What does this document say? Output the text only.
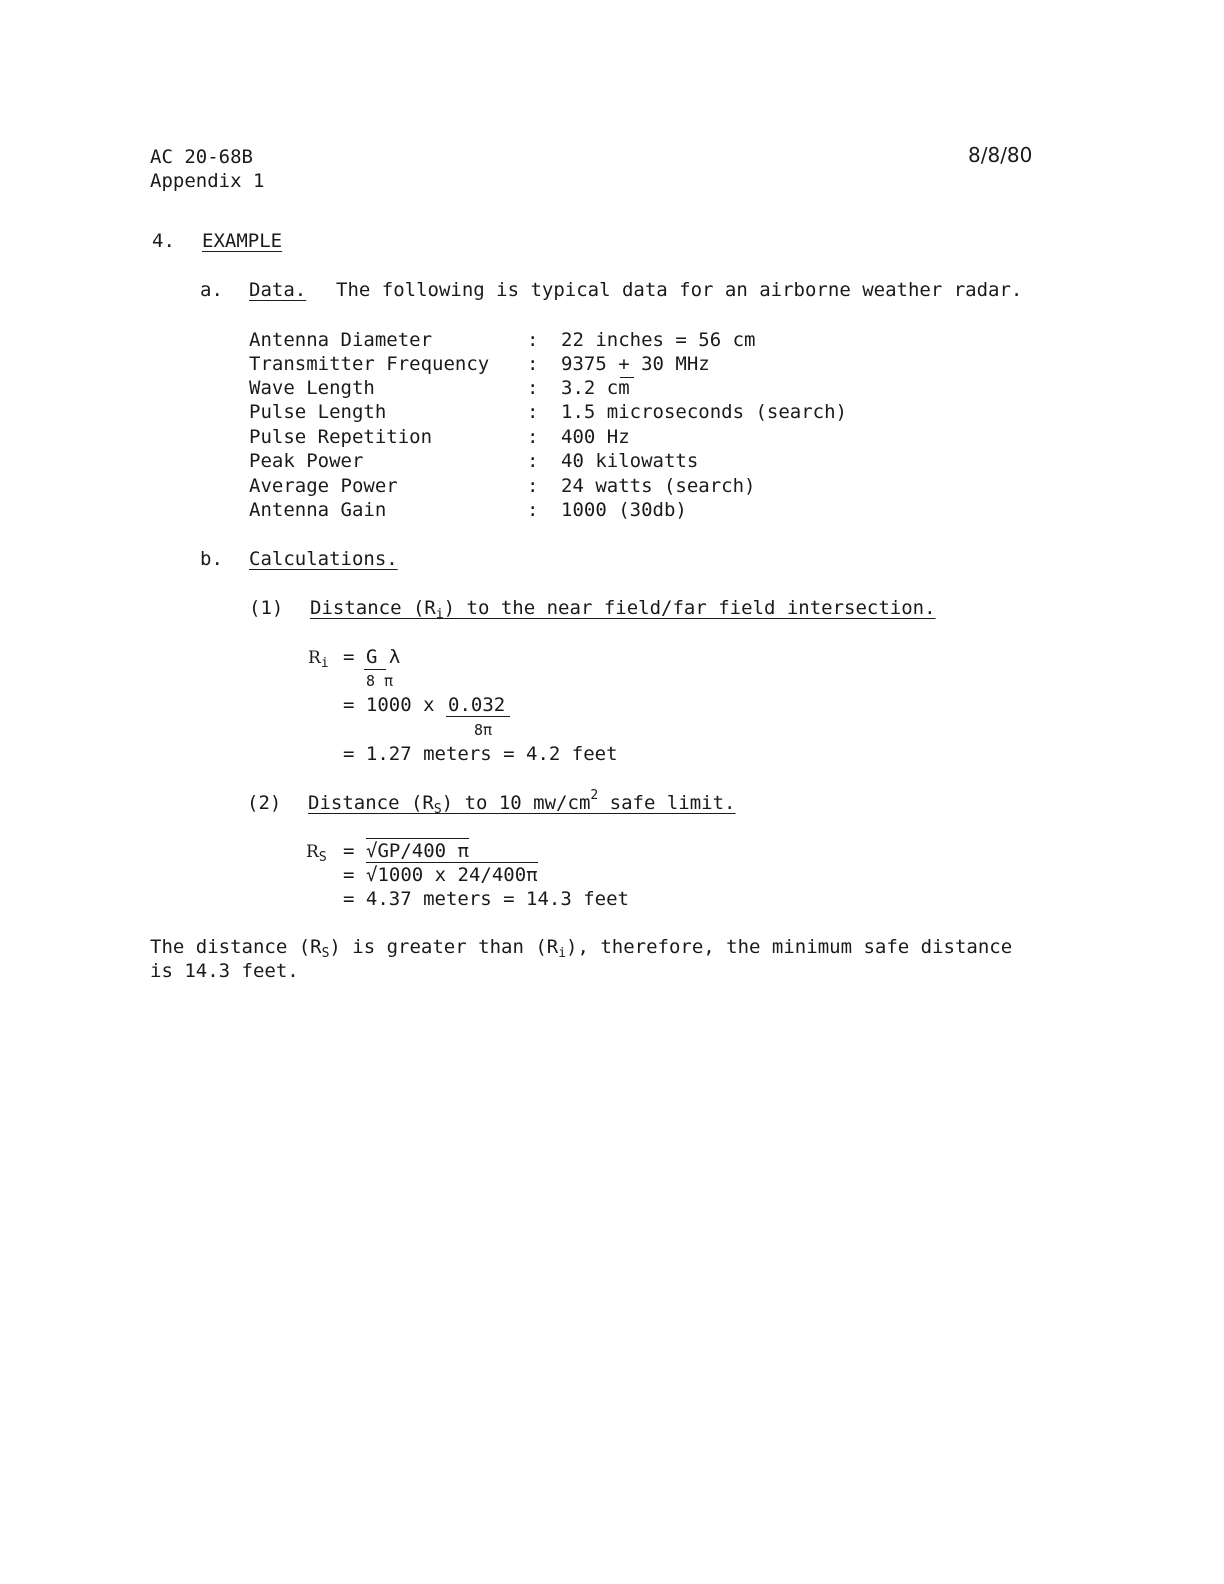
AC 20-68B
Appendix 1
8/8/80
4. EXAMPLE
a. Data. The following is typical data for an airborne weather radar.
Antenna Diameter	: 22 inches = 56 cm
Transmitter Frequency : 9375 + 30 MHz
Wave Length	: 3.2 cm
Pulse Length	: 1.5 microseconds (search)
Pulse Repetition	: 400 Hz
Peak Power	: 40 kilowatts
Average Power	: 24 watts (search)
Antenna Gain	: 1000 (30db)
b. Calculations.
(1) Distance $(R_i)$ to the near field/far field intersection.
$R_i = G$ λ
8 π
= 1000 x 0.032
8π
= 1.27 meters = 4.2 feet
(2) Distance $(R_S)$ to 10 $mw/cm^2$ safe limit.
$R_S = √GP/400$ π
= √1000 x 24/400π
= 4.37 meters = 14.3 feet
The distance $(R_S)$ is greater than $(R_i)$, therefore, the minimum safe distance
is 14.3 feet.
